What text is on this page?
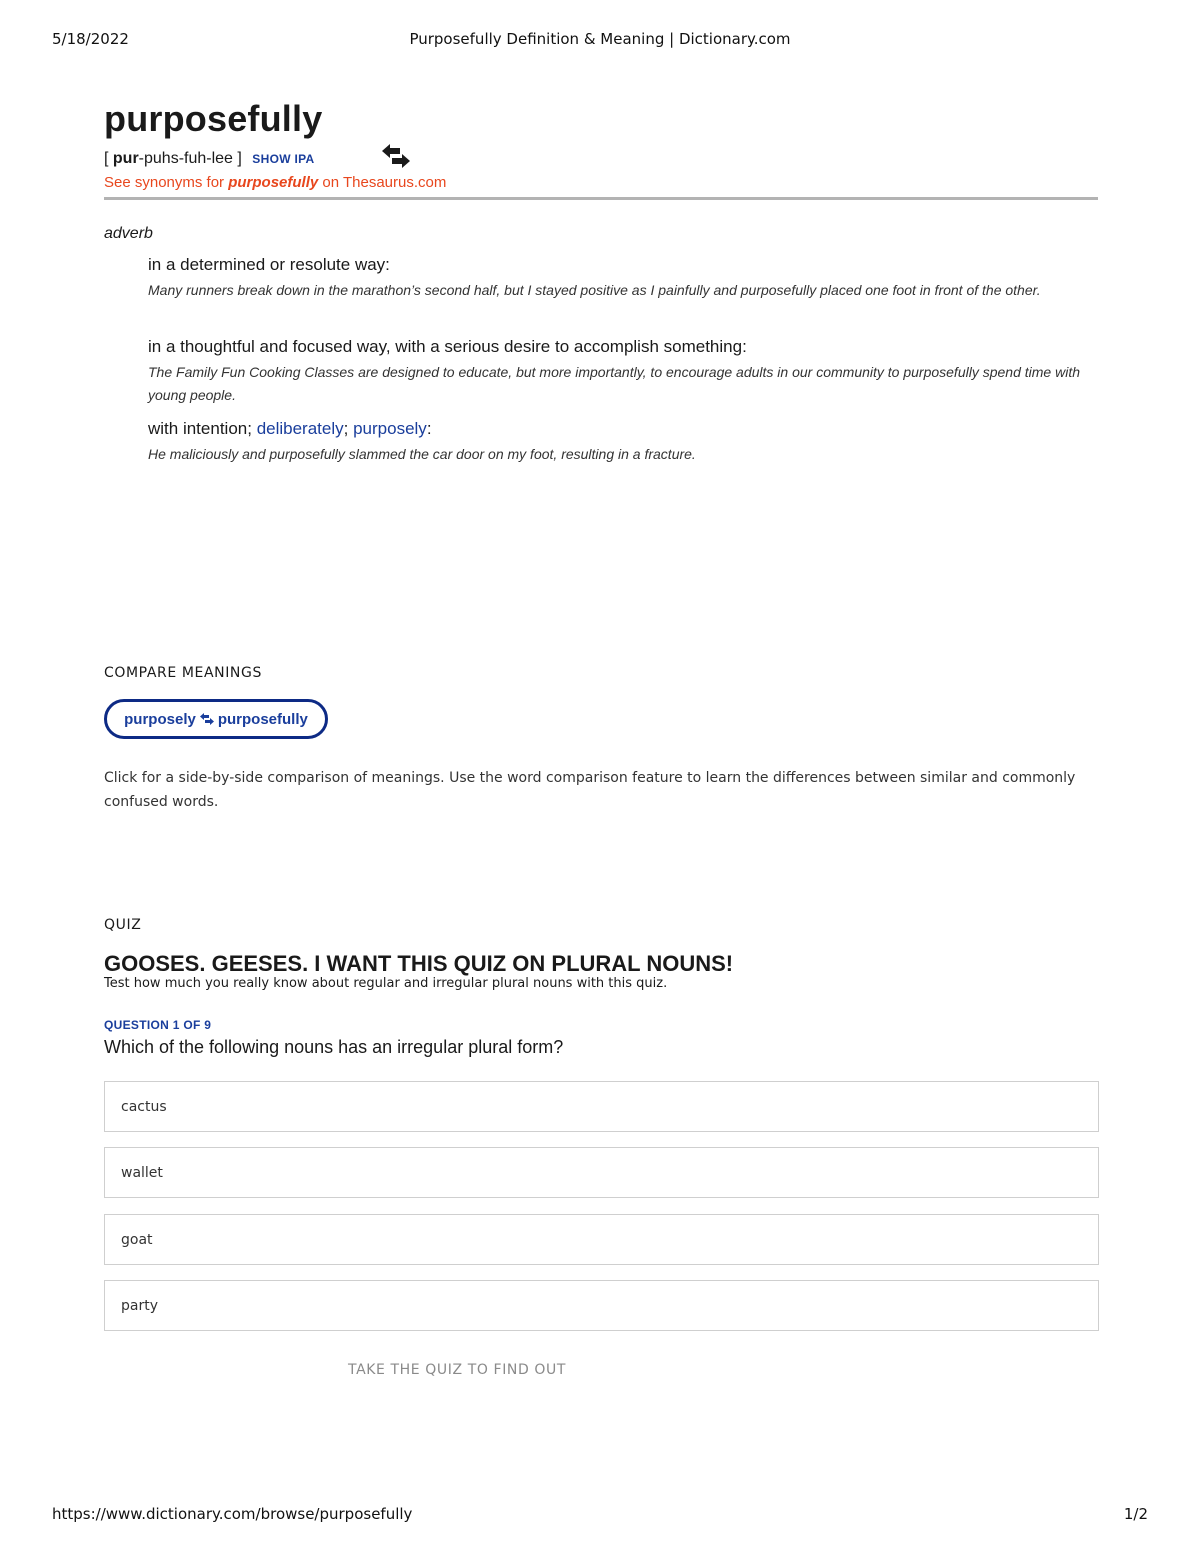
5/18/2022	Purposefully Definition & Meaning | Dictionary.com
purposefully
[ pur-puhs-fuh-lee ] SHOW IPA
See synonyms for purposefully on Thesaurus.com
adverb
in a determined or resolute way:
Many runners break down in the marathon’s second half, but I stayed positive as I painfully and purposefully placed one foot in front of the other.
in a thoughtful and focused way, with a serious desire to accomplish something:
The Family Fun Cooking Classes are designed to educate, but more importantly, to encourage adults in our community to purposefully spend time with young people.
with intention; deliberately; purposely:
He maliciously and purposefully slammed the car door on my foot, resulting in a fracture.
COMPARE MEANINGS
purposely purposefully
Click for a side-by-side comparison of meanings. Use the word comparison feature to learn the differences between similar and commonly confused words.
QUIZ
GOOSES. GEESES. I WANT THIS QUIZ ON PLURAL NOUNS!
Test how much you really know about regular and irregular plural nouns with this quiz.
QUESTION 1 OF 9
Which of the following nouns has an irregular plural form?
cactus
wallet
goat
party
TAKE THE QUIZ TO FIND OUT
https://www.dictionary.com/browse/purposefully	1/2
